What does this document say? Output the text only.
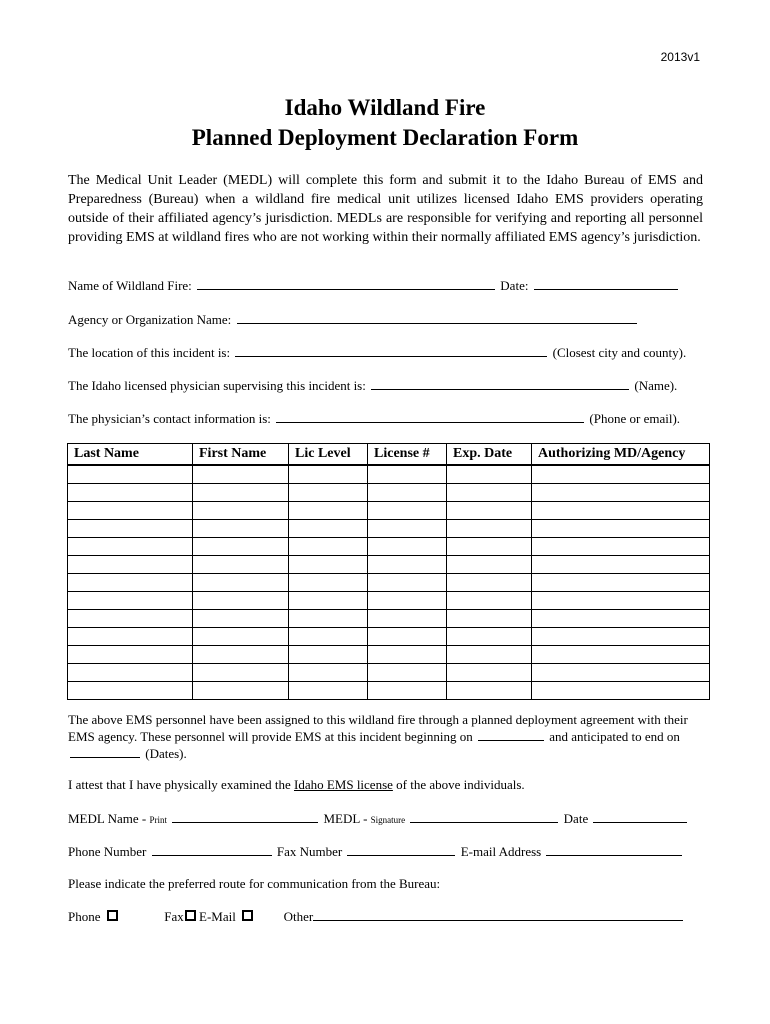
2013v1
Idaho Wildland Fire
Planned Deployment Declaration Form
The Medical Unit Leader (MEDL) will complete this form and submit it to the Idaho Bureau of EMS and Preparedness (Bureau) when a wildland fire medical unit utilizes licensed Idaho EMS providers operating outside of their affiliated agency’s jurisdiction. MEDLs are responsible for verifying and reporting all personnel providing EMS at wildland fires who are not working within their normally affiliated EMS agency’s jurisdiction.
Name of Wildland Fire:	Date:
Agency or Organization Name:
The location of this incident is:	(Closest city and county).
The Idaho licensed physician supervising this incident is:	(Name).
The physician’s contact information is:	(Phone or email).
Last Name	First Name	Lic Level	License #	Exp. Date	Authorizing MD/Agency

The above EMS personnel have been assigned to this wildland fire through a planned deployment agreement with their EMS agency. These personnel will provide EMS at this incident beginning on	and anticipated to end on  (Dates).
I attest that I have physically examined the Idaho EMS license of the above individuals.
MEDL Name - Print	MEDL - Signature	Date
Phone Number	Fax Number	E-mail Address
Please indicate the preferred route for communication from the Bureau:
Phone	Fax E-Mail	Other
